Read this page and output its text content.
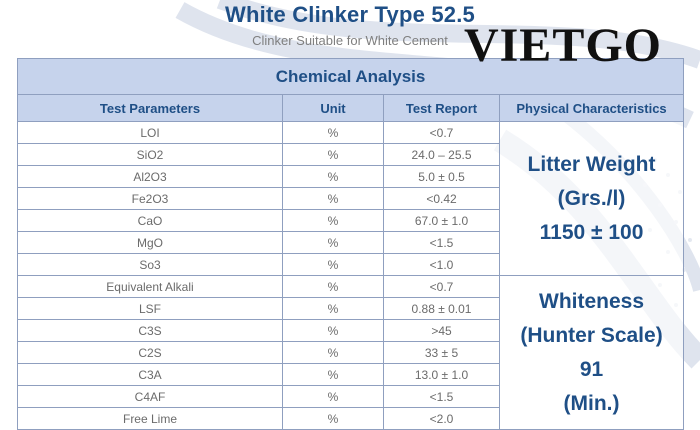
White Clinker Type 52.5
Clinker Suitable for White Cement VIETGO
Chemical Analysis			
Test Parameters	Unit	Test Report	Physical Characteristics
LOI	%	<0.7	Litter Weight
(Grs./l)
1150 ± 100

SiO2	%	24.0 – 25.5	
Al2O3	%	5.0 ± 0.5	
Fe2O3	%	<0.42	
CaO	%	67.0 ± 1.0	
MgO	%	<1.5	
So3	%	<1.0	
Equivalent Alkali	%	<0.7	Whiteness
(Hunter Scale)
91
(Min.)

LSF	%	0.88 ± 0.01	
C3S	%	>45	
C2S	%	33 ± 5	
C3A	%	13.0 ± 1.0	
C4AF	%	<1.5	
Free Lime	%	<2.0	
